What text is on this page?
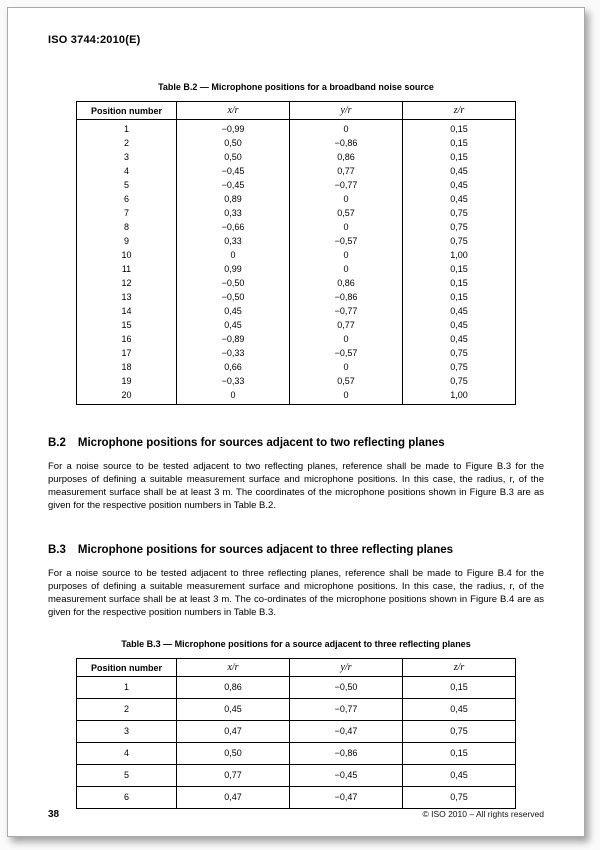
ISO 3744:2010(E)
Table B.2 — Microphone positions for a broadband noise source
Position number	x/r	y/r	z/r
1	−0,99	0	0,15
2	0,50	−0,86	0,15
3	0,50	0,86	0,15
4	−0,45	0,77	0,45
5	−0,45	−0,77	0,45
6	0,89	0	0,45
7	0,33	0,57	0,75
8	−0,66	0	0,75
9	0,33	−0,57	0,75
10	0	0	1,00
11	0,99	0	0,15
12	−0,50	0,86	0,15
13	−0,50	−0,86	0,15
14	0,45	−0,77	0,45
15	0,45	0,77	0,45
16	−0,89	0	0,45
17	−0,33	−0,57	0,75
18	0,66	0	0,75
19	−0,33	0,57	0,75
20	0	0	1,00
B.2 Microphone positions for sources adjacent to two reflecting planes

For a noise source to be tested adjacent to two reflecting planes, reference shall be made to Figure B.3 for the purposes of defining a suitable measurement surface and microphone positions. In this case, the radius, r, of the measurement surface shall be at least 3 m. The coordinates of the microphone positions shown in Figure B.3 are as given for the respective position numbers in Table B.2.

B.3 Microphone positions for sources adjacent to three reflecting planes

For a noise source to be tested adjacent to three reflecting planes, reference shall be made to Figure B.4 for the purposes of defining a suitable measurement surface and microphone positions. In this case, the radius, r, of the measurement surface shall be at least 3 m. The co-ordinates of the microphone positions shown in Figure B.4 are as given for the respective position numbers in Table B.3.

Table B.3 — Microphone positions for a source adjacent to three reflecting planes
Position number	x/r	y/r	z/r
1	0,86	−0,50	0,15
2	0,45	−0,77	0,45
3	0,47	−0,47	0,75
4	0,50	−0,86	0,15
5	0,77	−0,45	0,45
6	0,47	−0,47	0,75
38	© ISO 2010 – All rights reserved
